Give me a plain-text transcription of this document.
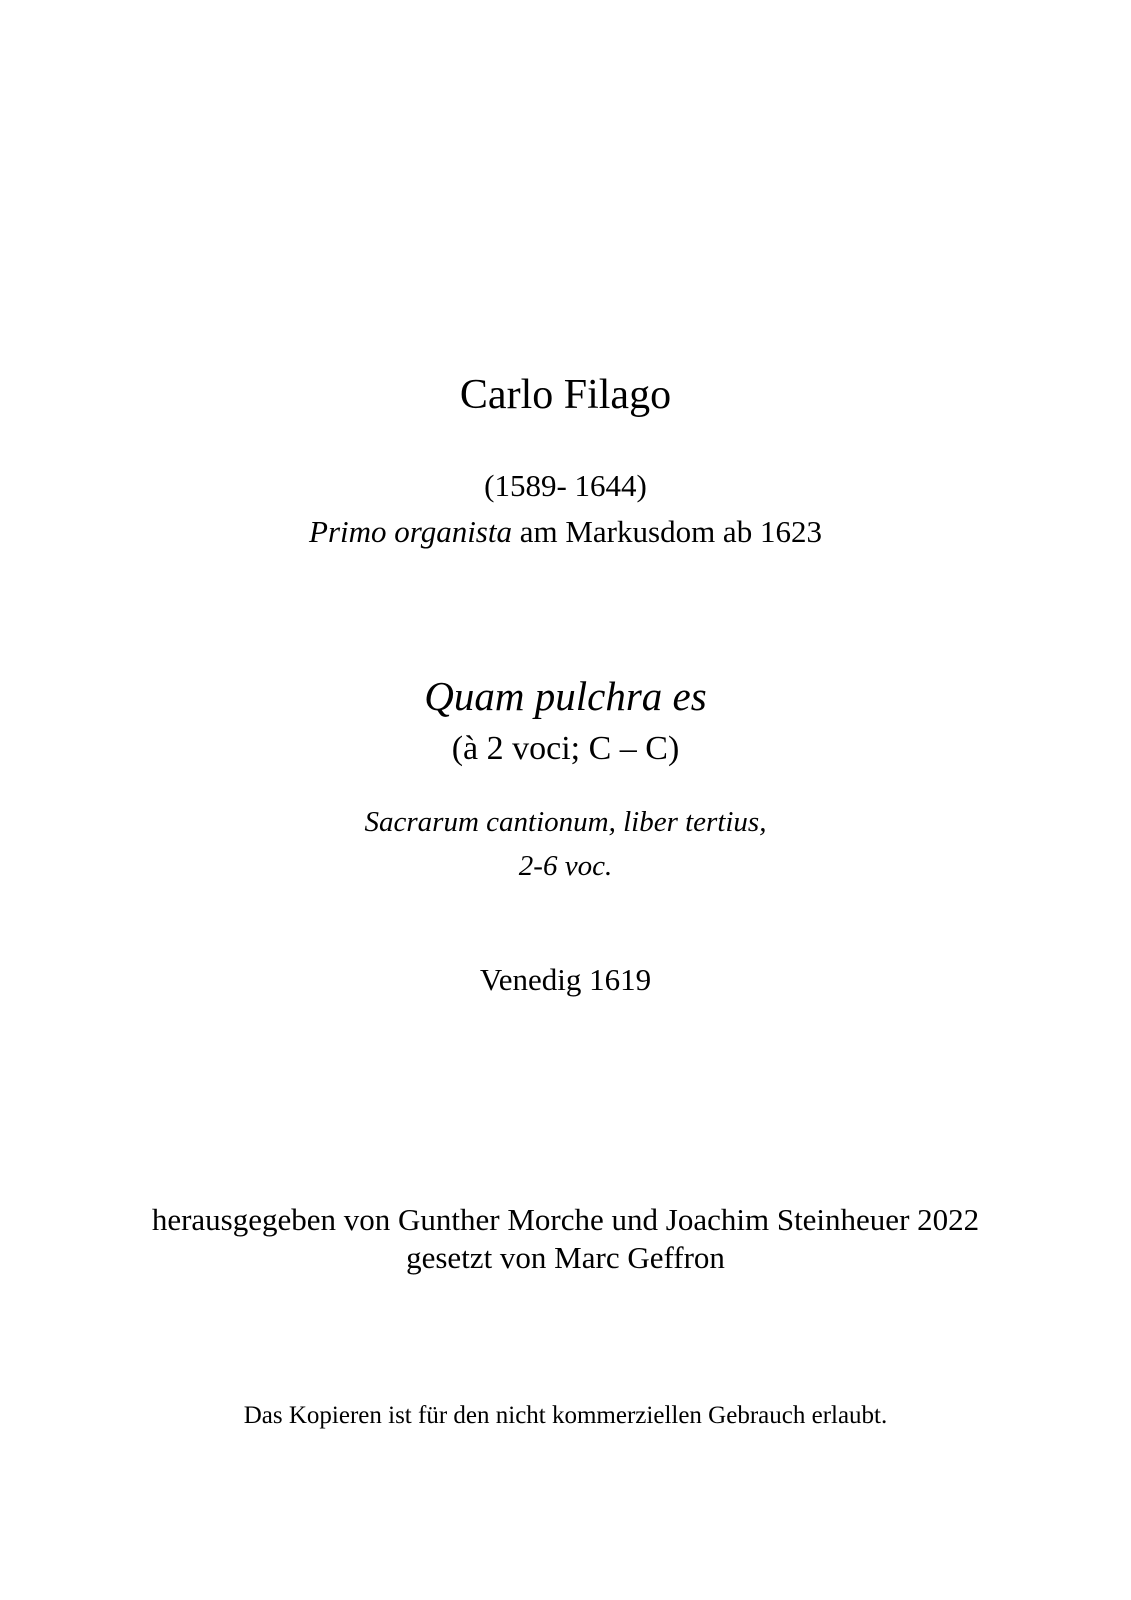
Carlo Filago
(1589- 1644)
Primo organista am Markusdom ab 1623
Quam pulchra es
(à 2 voci; C – C)
Sacrarum cantionum, liber tertius,
2-6 voc.
Venedig 1619
herausgegeben von Gunther Morche und Joachim Steinheuer 2022
gesetzt von Marc Geffron
Das Kopieren ist für den nicht kommerziellen Gebrauch erlaubt.
